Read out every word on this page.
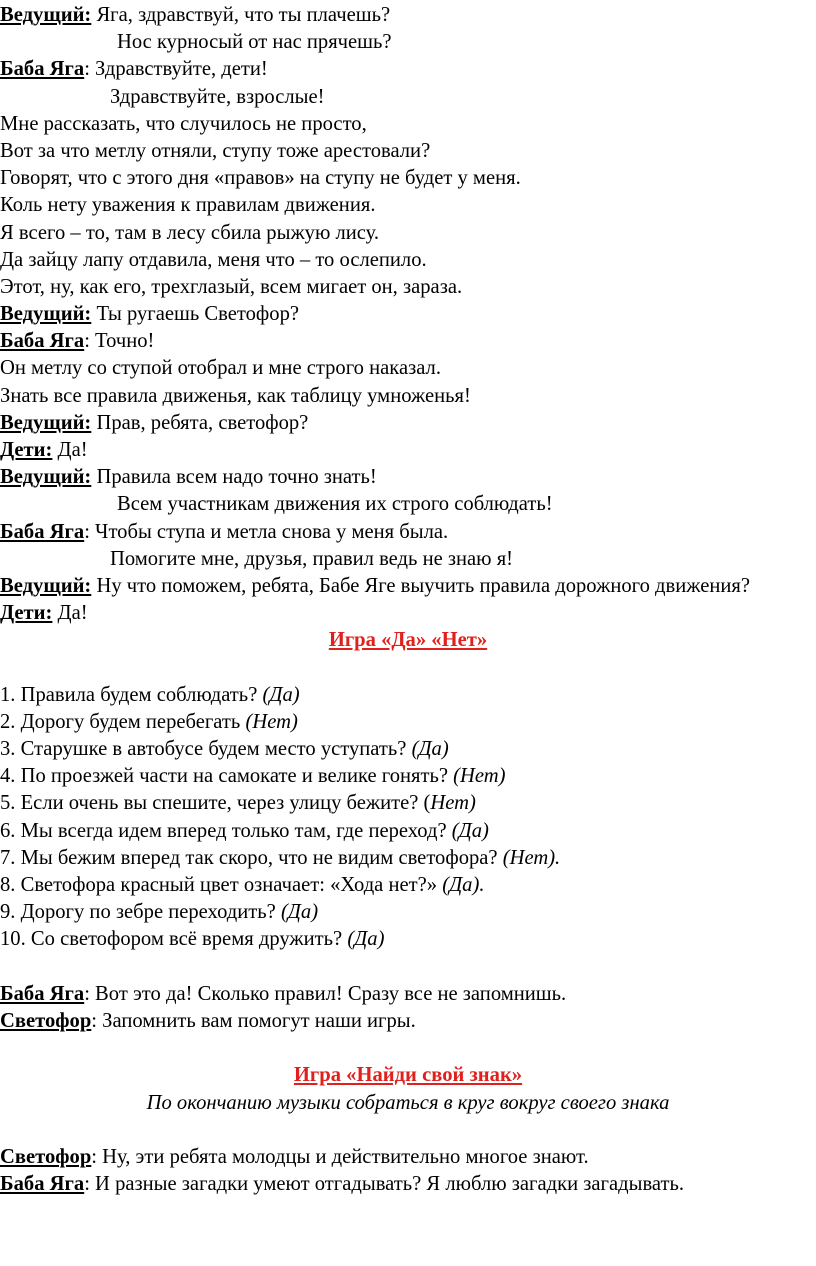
Ведущий: Яга, здравствуй, что ты плачешь?
Нос курносый от нас прячешь?
Баба Яга: Здравствуйте, дети!
Здравствуйте, взрослые!
Мне рассказать, что случилось не просто,
Вот за что метлу отняли, ступу тоже арестовали?
Говорят, что с этого дня «правов» на ступу не будет у меня.
Коль нету уважения к правилам движения.
Я всего – то, там в лесу сбила рыжую лису.
Да зайцу лапу отдавила, меня что – то ослепило.
Этот, ну, как его, трехглазый, всем мигает он, зараза.
Ведущий: Ты ругаешь Светофор?
Баба Яга: Точно!
Он метлу со ступой отобрал и мне строго наказал.
Знать все правила движенья, как таблицу умноженья!
Ведущий: Прав, ребята, светофор?
Дети: Да!
Ведущий: Правила всем надо точно знать!
Всем участникам движения их строго соблюдать!
Баба Яга: Чтобы ступа и метла снова у меня была.
Помогите мне, друзья, правил ведь не знаю я!
Ведущий: Ну что поможем, ребята, Бабе Яге выучить правила дорожного движения?
Дети: Да!
Игра «Да» «Нет»
1. Правила будем соблюдать? (Да)
2. Дорогу будем перебегать (Нет)
3. Старушке в автобусе будем место уступать? (Да)
4. По проезжей части на самокате и велике гонять? (Нет)
5. Если очень вы спешите, через улицу бежите? (Нет)
6. Мы всегда идем вперед только там, где переход? (Да)
7. Мы бежим вперед так скоро, что не видим светофора? (Нет).
8. Светофора красный цвет означает: «Хода нет?» (Да).
9. Дорогу по зебре переходить? (Да)
10. Со светофором всё время дружить? (Да)
Баба Яга: Вот это да! Сколько правил! Сразу все не запомнишь.
Светофор: Запомнить вам помогут наши игры.
Игра «Найди свой знак»
По окончанию музыки собраться в круг вокруг своего знака
Светофор: Ну, эти ребята молодцы и действительно многое знают.
Баба Яга: И разные загадки умеют отгадывать? Я люблю загадки загадывать.
